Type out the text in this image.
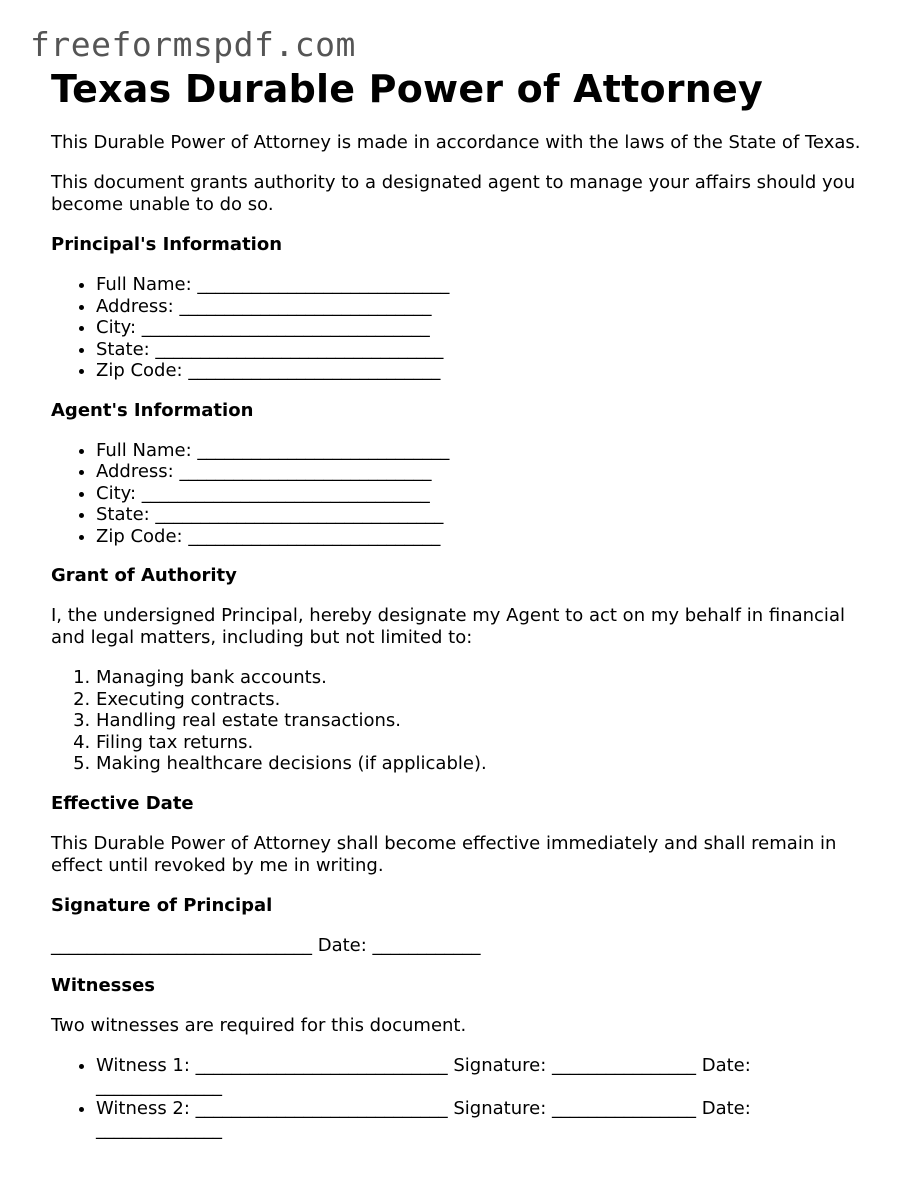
freeformspdf.com
Texas Durable Power of Attorney

This Durable Power of Attorney is made in accordance with the laws of the State of Texas.

This document grants authority to a designated agent to manage your affairs should you become unable to do so.

Principal's Information
• Full Name: ____________________________
• Address: ____________________________
• City: ________________________________
• State: ________________________________
• Zip Code: ____________________________
Agent's Information
• Full Name: ____________________________
• Address: ____________________________
• City: ________________________________
• State: ________________________________
• Zip Code: ____________________________
Grant of Authority

I, the undersigned Principal, hereby designate my Agent to act on my behalf in financial and legal matters, including but not limited to:

1. Managing bank accounts.
2. Executing contracts.
3. Handling real estate transactions.
4. Filing tax returns.
5. Making healthcare decisions (if applicable).
Effective Date

This Durable Power of Attorney shall become effective immediately and shall remain in effect until revoked by me in writing.

Signature of Principal

_____________________________ Date: ____________

Witnesses

Two witnesses are required for this document.

• Witness 1: ____________________________ Signature: ________________ Date: ______________
• Witness 2: ____________________________ Signature: ________________ Date: ______________
